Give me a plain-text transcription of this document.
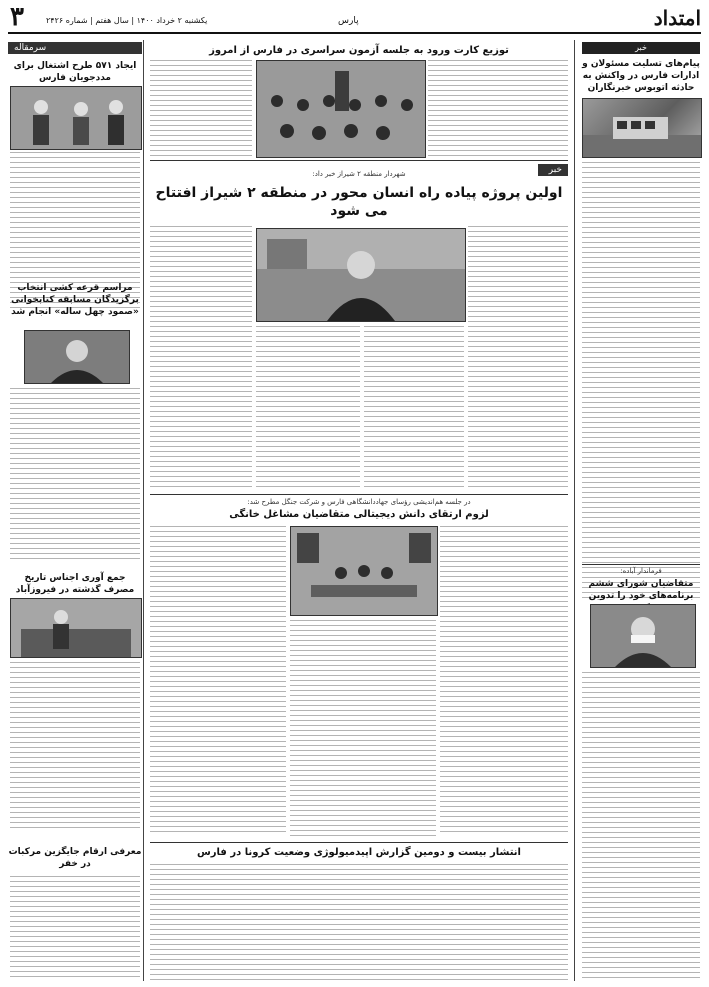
۳	یکشنبه ۲ خرداد ۱۴۰۰ | سال هفتم | شماره ۲۴۲۶	پارس	امتداد
خبر
پیام‌های تسلیت مسئولان و ادارات فارس در واکنش به حادثه اتوبوس خبرنگاران
فرماندار آباده:
متقاضیان شورای ششم برنامه‌های خود را تدوین
سرمقاله
ایجاد ۵۷۱ طرح اشتغال برای مددجویان فارس
مراسم قرعه کشی انتخاب برگزیدگان مسابقه کتابخوانی «صمود چهل ساله» انجام شد
جمع آوری اجناس تاریخ مصرف گذشته در فیروزآباد
معرفی ارقام جایگزین مرکبات در خفر
توزیع کارت ورود به جلسه آزمون سراسری در فارس از امروز
خبر
شهردار منطقه ۲ شیراز خبر داد:
اولین پروژه پیاده راه انسان محور در منطقه ۲ شیراز افتتاح می شود
در جلسه هم‌اندیشی رؤسای جهاددانشگاهی فارس و شرکت جنگل مطرح شد:
لزوم ارتقای دانش دیجیتالی متقاضیان مشاغل خانگی
انتشار بیست و دومین گزارش اپیدمیولوژی وضعیت کرونا در فارس
